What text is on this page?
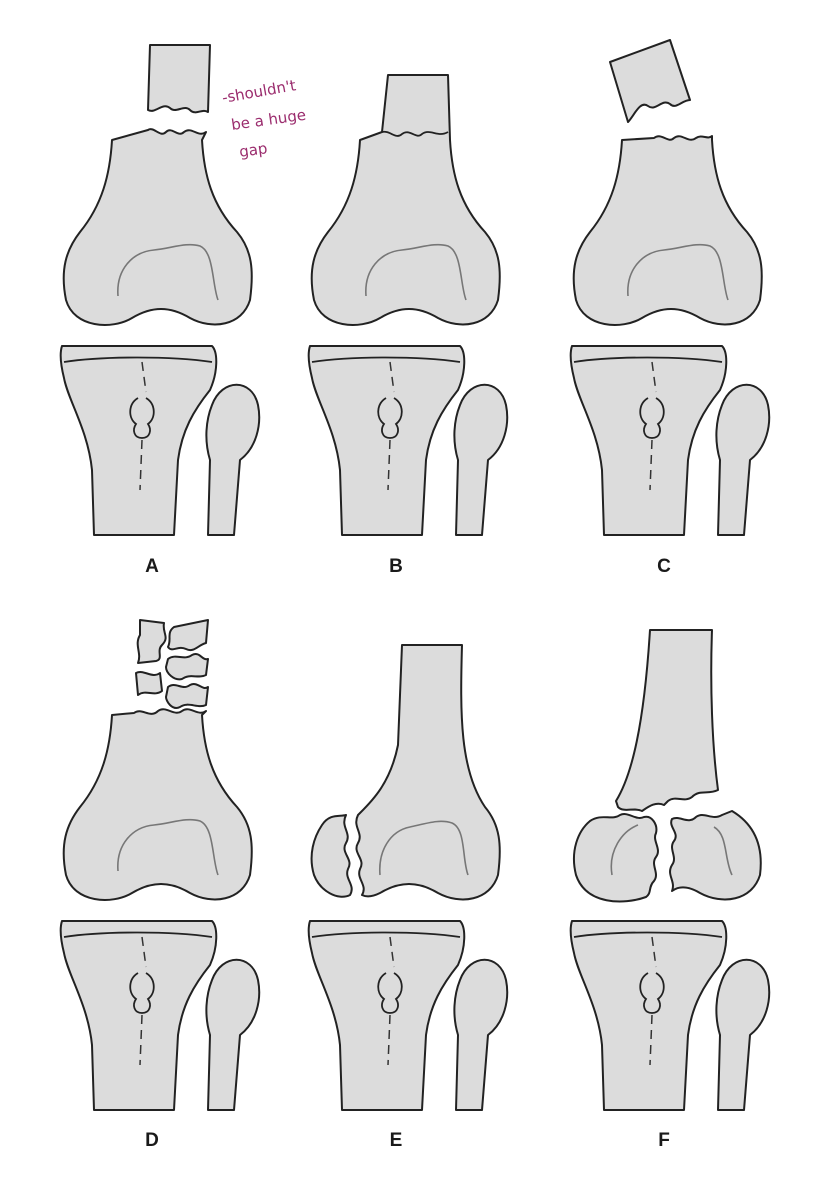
-shouldn't
be a huge
gap
A	B	C
D	E	F
